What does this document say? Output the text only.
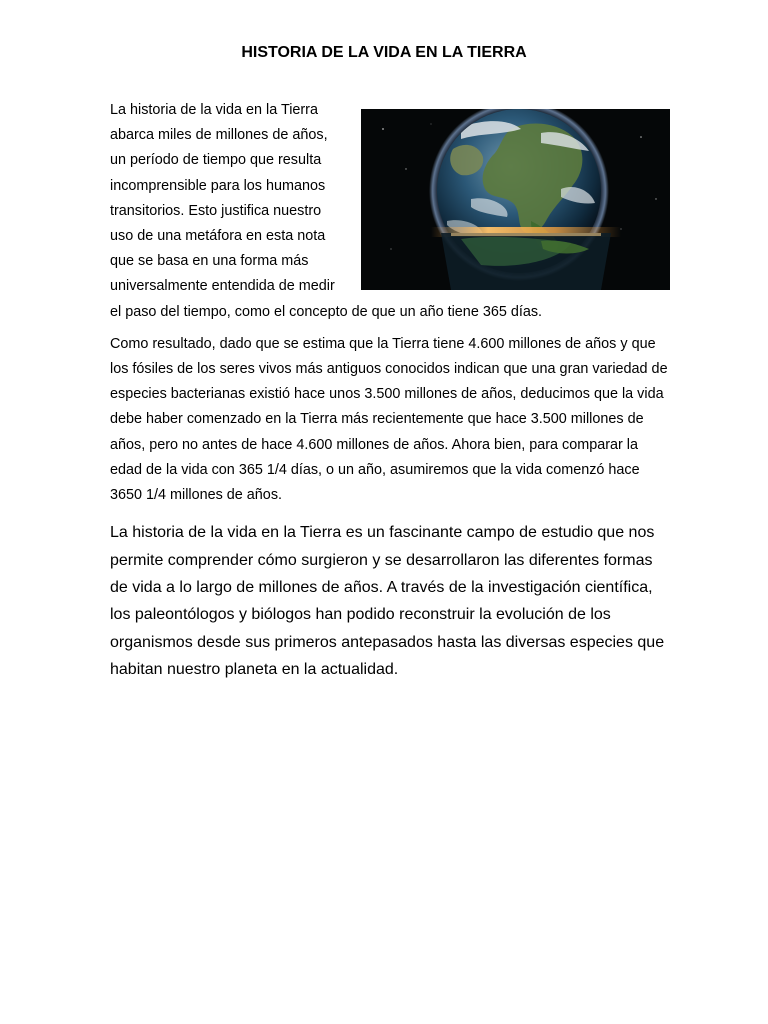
HISTORIA DE LA VIDA EN LA TIERRA

La historia de la vida en la Tierra abarca miles de millones de años, un período de tiempo que resulta incomprensible para los humanos transitorios. Esto justifica nuestro uso de una metáfora en esta nota que se basa en una forma más universalmente entendida de medir el paso del tiempo, como el concepto de que un año tiene 365 días.

Como resultado, dado que se estima que la Tierra tiene 4.600 millones de años y que los fósiles de los seres vivos más antiguos conocidos indican que una gran variedad de especies bacterianas existió hace unos 3.500 millones de años, deducimos que la vida debe haber comenzado en la Tierra más recientemente que hace 3.500 millones de años, pero no antes de hace 4.600 millones de años. Ahora bien, para comparar la edad de la vida con 365 1/4 días, o un año, asumiremos que la vida comenzó hace 3650 1/4 millones de años.

La historia de la vida en la Tierra es un fascinante campo de estudio que nos permite comprender cómo surgieron y se desarrollaron las diferentes formas de vida a lo largo de millones de años. A través de la investigación científica, los paleontólogos y biólogos han podido reconstruir la evolución de los organismos desde sus primeros antepasados hasta las diversas especies que habitan nuestro planeta en la actualidad.
